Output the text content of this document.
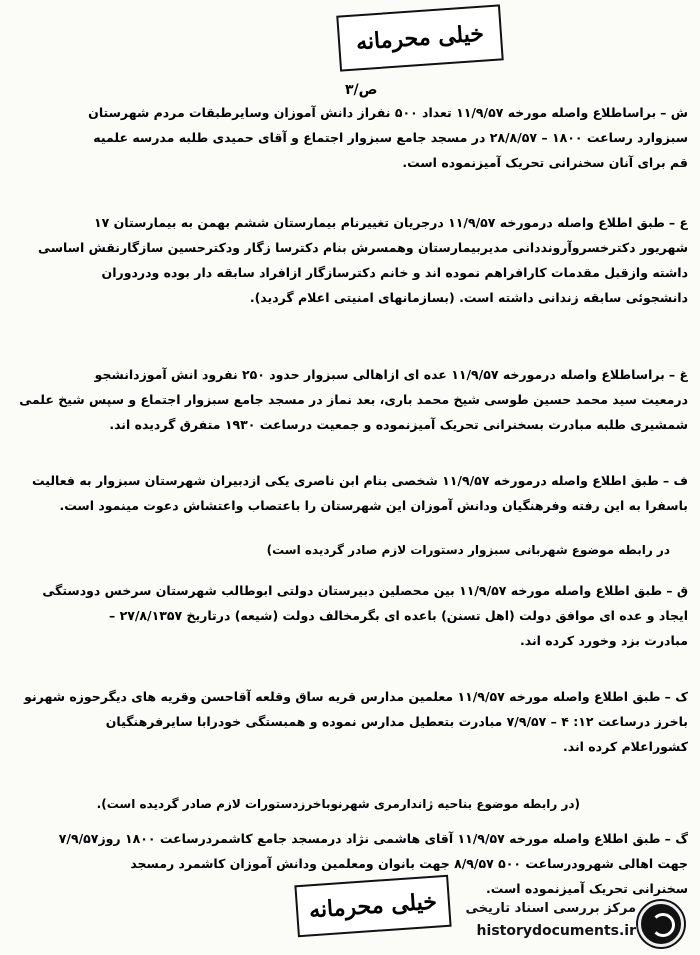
خیلی محرمانه
ص/۳
ش –براساطلاع واصله مورخه ۱۱/۹/۵۷ تعداد ۵۰۰ نفراز دانش آموزان وسایرطبقات مردم شهرستان
سبزوارد رساعت ۱۸۰۰ – ۲۸/۸/۵۷ در مسجد جامع سبزوار اجتماع و آقای حمیدی طلبه مدرسه علمیه
قم برای آنان سخنرانی تحریک آمیزنموده است.
ع –طبق اطلاع واصله درمورخه ۱۱/۹/۵۷ درجریان تغییرنام بیمارستان ششم بهمن به بیمارستان ۱۷
شهریور دکترخسروآرونددانی مدیربیمارستان وهمسرش بنام دکترسا زگار ودکترحسین سازگارنقش اساسی
داشته وازقبل مقدمات کارافراهم نموده اند و خانم دکترسازگار ازافراد سابقه دار بوده ودردوران
دانشجوئی سابقه زندانی داشته است. (بسازمانهای امنیتی اعلام گردید).
غ –براساطلاع واصله درمورخه ۱۱/۹/۵۷ عده ای ازاهالی سبزوار حدود ۲۵۰ نفرود انش آموزدانشجو
درمعیت سید محمد حسین طوسی شیخ محمد باری، بعد نماز در مسجد جامع سبزوار اجتماع و سپس شیخ علمی
شمشیری طلبه مبادرت بسخنرانی تحریک آمیزنموده و جمعیت درساعت ۱۹۳۰ متفرق گردیده اند.
ف –طبق اطلاع واصله درمورخه ۱۱/۹/۵۷ شخصی بنام ابن ناصری یکی ازدبیران شهرستان سبزوار به فعالیت
باسفرا به این رفته وفرهنگیان ودانش آموزان این شهرستان را باعتصاب واعتشاش دعوت مینمود است.
در رابطه موضوع شهربانی سبزوار دستورات لازم صادر گردیده است)
ق –طبق اطلاع واصله مورخه ۱۱/۹/۵۷ بین محصلین دبیرستان دولتی ابوطالب شهرستان سرخس دودستگی
ایجاد و عده ای موافق دولت (اهل تسنن) باعده ای بگرمخالف دولت (شیعه) درتاریخ ۲۷/۸/۱۳۵۷ –
مبادرت بزد وخورد کرده اند.
ک –طبق اطلاع واصله مورخه ۱۱/۹/۵۷ معلمین مدارس قریه ساق وقلعه آقاحسن وقریه های دیگرحوزه شهرنو
باخرز درساعت ۱۲: ۴ – ۷/۹/۵۷ مبادرت بتعطیل مدارس نموده و همبستگی خودرابا سایرفرهنگیان
کشوراعلام کرده اند.
(در رابطه موضوع بناحیه ژاندارمری شهرنوباخرزدستورات لازم صادر گردیده است).
گ –طبق اطلاع واصله مورخه ۱۱/۹/۵۷ آقای هاشمی نژاد درمسجد جامع کاشمردرساعت ۱۸۰۰ روز۷/۹/۵۷
جهت اهالی شهرودرساعت ۵۰۰ ۸/۹/۵۷ جهت بانوان ومعلمین ودانش آموزان کاشمرد رمسجد
سخنرانی تحریک آمیزنموده است.
خیلی محرمانه	مرکز بررسی اسناد تاریخی
historydocuments.ir
